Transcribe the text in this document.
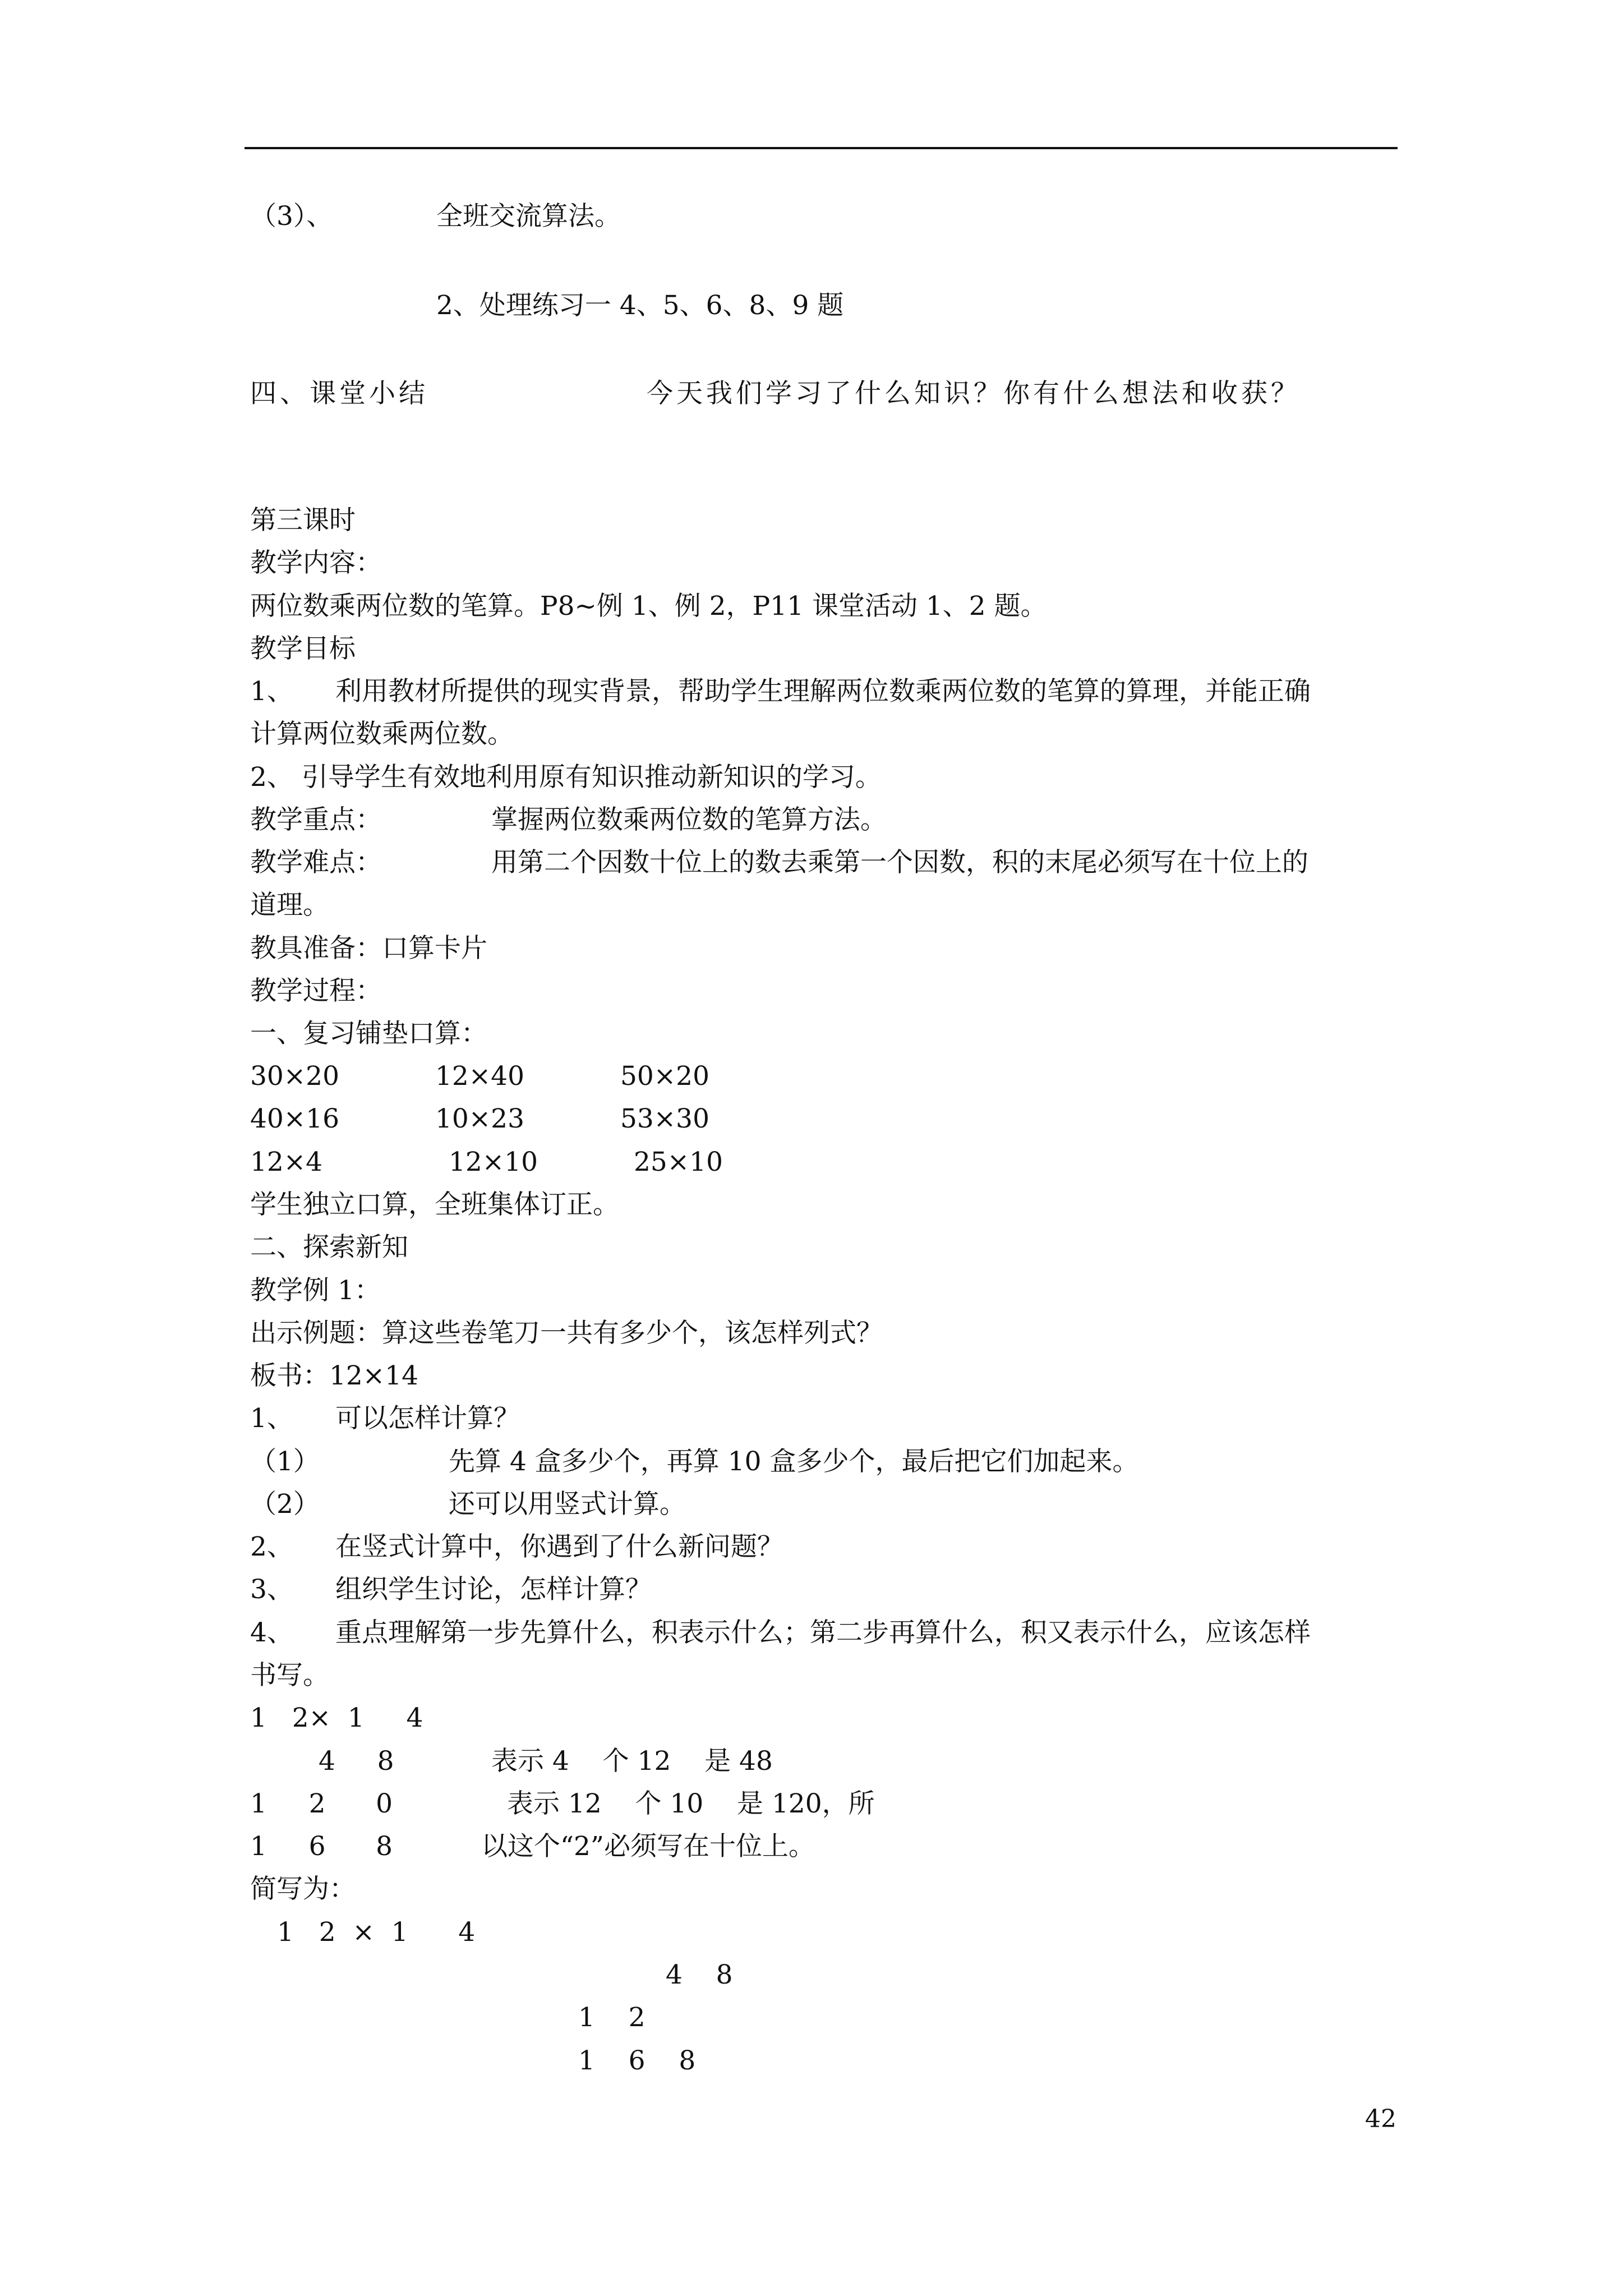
（3）、	全班交流算法。
2、处理练习一 4、5、6、8、9 题
四、课堂小结	今天我们学习了什么知识？你有什么想法和收获？
第三课时
教学内容：
两位数乘两位数的笔算。P8~例 1、例 2，P11 课堂活动 1、2 题。
教学目标
1、 利用教材所提供的现实背景，帮助学生理解两位数乘两位数的笔算的算理，并能正确
计算两位数乘两位数。
2、 引导学生有效地利用原有知识推动新知识的学习。
教学重点：	掌握两位数乘两位数的笔算方法。
教学难点：	用第二个因数十位上的数去乘第一个因数，积的末尾必须写在十位上的
道理。
教具准备：口算卡片
教学过程：
一、复习铺垫口算：
30×20	12×40	50×20
40×16	10×23	53×30
12×4	12×10	25×10
学生独立口算，全班集体订正。
二、探索新知
教学例 1：
出示例题：算这些卷笔刀一共有多少个，该怎样列式？
板书：12×14
1、 可以怎样计算？
（1）	先算 4 盒多少个，再算 10 盒多少个，最后把它们加起来。
（2）	还可以用竖式计算。
2、 在竖式计算中，你遇到了什么新问题？
3、 组织学生讨论，怎样计算？
4、 重点理解第一步先算什么，积表示什么；第二步再算什么，积又表示什么，应该怎样
书写。
1   2×  1     4
4     8	表示 4    个 12    是 48
1     2      0	表示 12    个 10    是 120，所
1     6      8	以这个“2”必须写在十位上。
简写为：
1   2  ×  1      4
4    8
1    2
1    6    8
42
